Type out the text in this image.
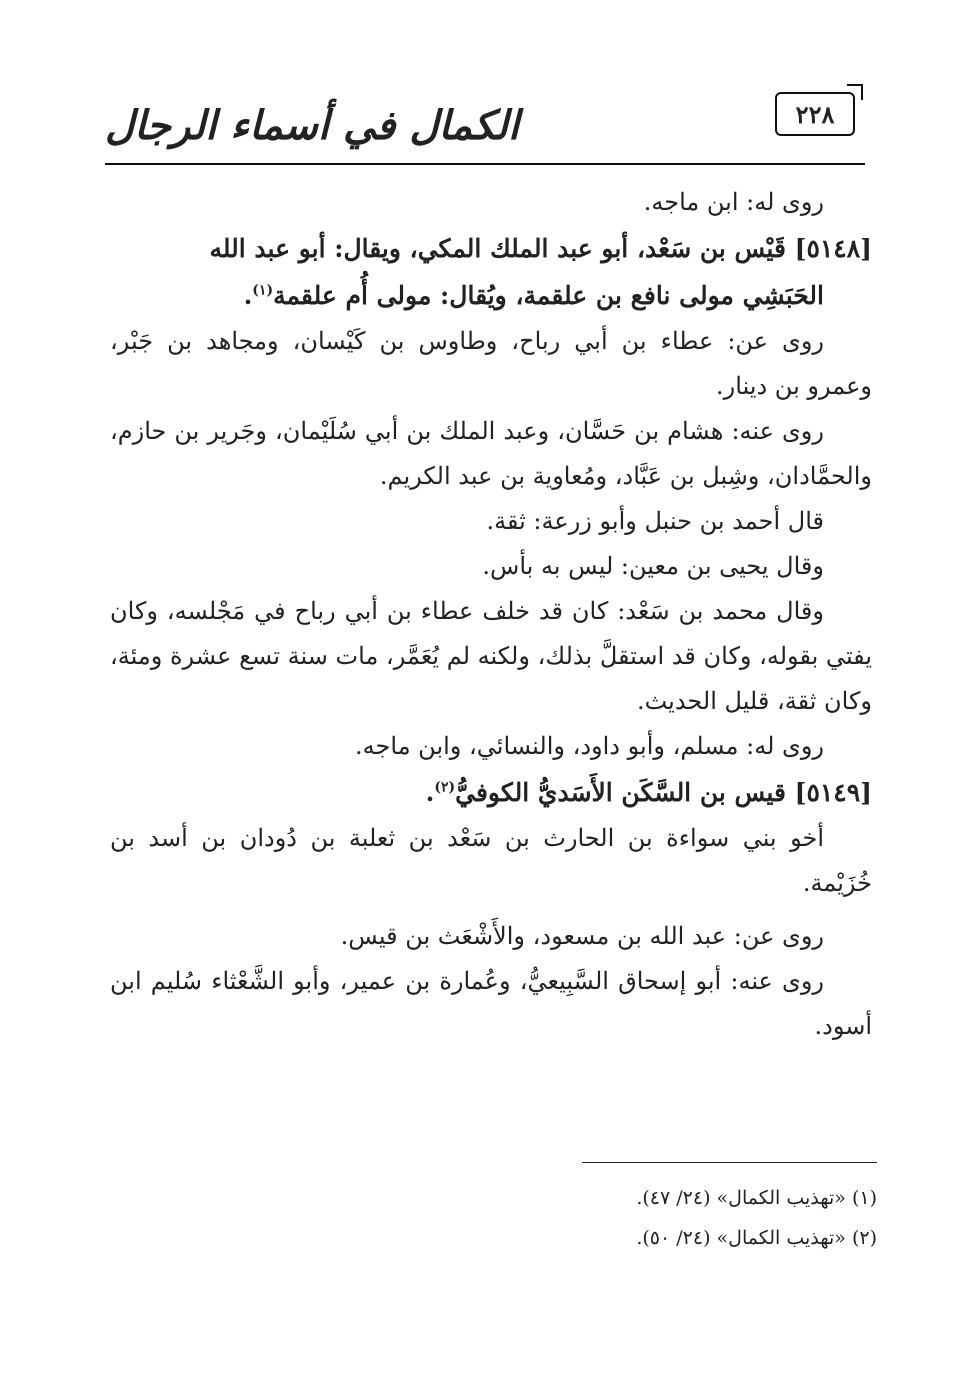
٢٢٨
الكمال في أسماء الرجال

روى له: ابن ماجه.

[٥١٤٨] قَيْس بن سَعْد، أبو عبد الملك المكي، ويقال: أبو عبد الله
الحَبَشِي مولى نافع بن علقمة، ويُقال: مولى أُم علقمة$^{(١)}$.

روى عن: عطاء بن أبي رباح، وطاوس بن كَيْسان، ومجاهد بن جَبْر، وعمرو بن دينار.

روى عنه: هشام بن حَسَّان، وعبد الملك بن أبي سُلَيْمان، وجَرير بن حازم، والحمَّادان، وشِبل بن عَبَّاد، ومُعاوية بن عبد الكريم.

قال أحمد بن حنبل وأبو زرعة: ثقة.

وقال يحيى بن معين: ليس به بأس.

وقال محمد بن سَعْد: كان قد خلف عطاء بن أبي رباح في مَجْلسه، وكان يفتي بقوله، وكان قد استقلَّ بذلك، ولكنه لم يُعَمَّر، مات سنة تسع عشرة ومئة، وكان ثقة، قليل الحديث.

روى له: مسلم، وأبو داود، والنسائي، وابن ماجه.

[٥١٤٩] قيس بن السَّكَن الأَسَديُّ الكوفيُّ$^{(٢)}$.

أخو بني سواءة بن الحارث بن سَعْد بن ثعلبة بن دُودان بن أسد بن خُزَيْمة.

روى عن: عبد الله بن مسعود، والأَشْعَث بن قيس.

روى عنه: أبو إسحاق السَّبِيعيُّ، وعُمارة بن عمير، وأبو الشَّعْثاء سُليم ابن أسود.

(١) «تهذيب الكمال» (٢٤/ ٤٧).

(٢) «تهذيب الكمال» (٢٤/ ٥٠).
